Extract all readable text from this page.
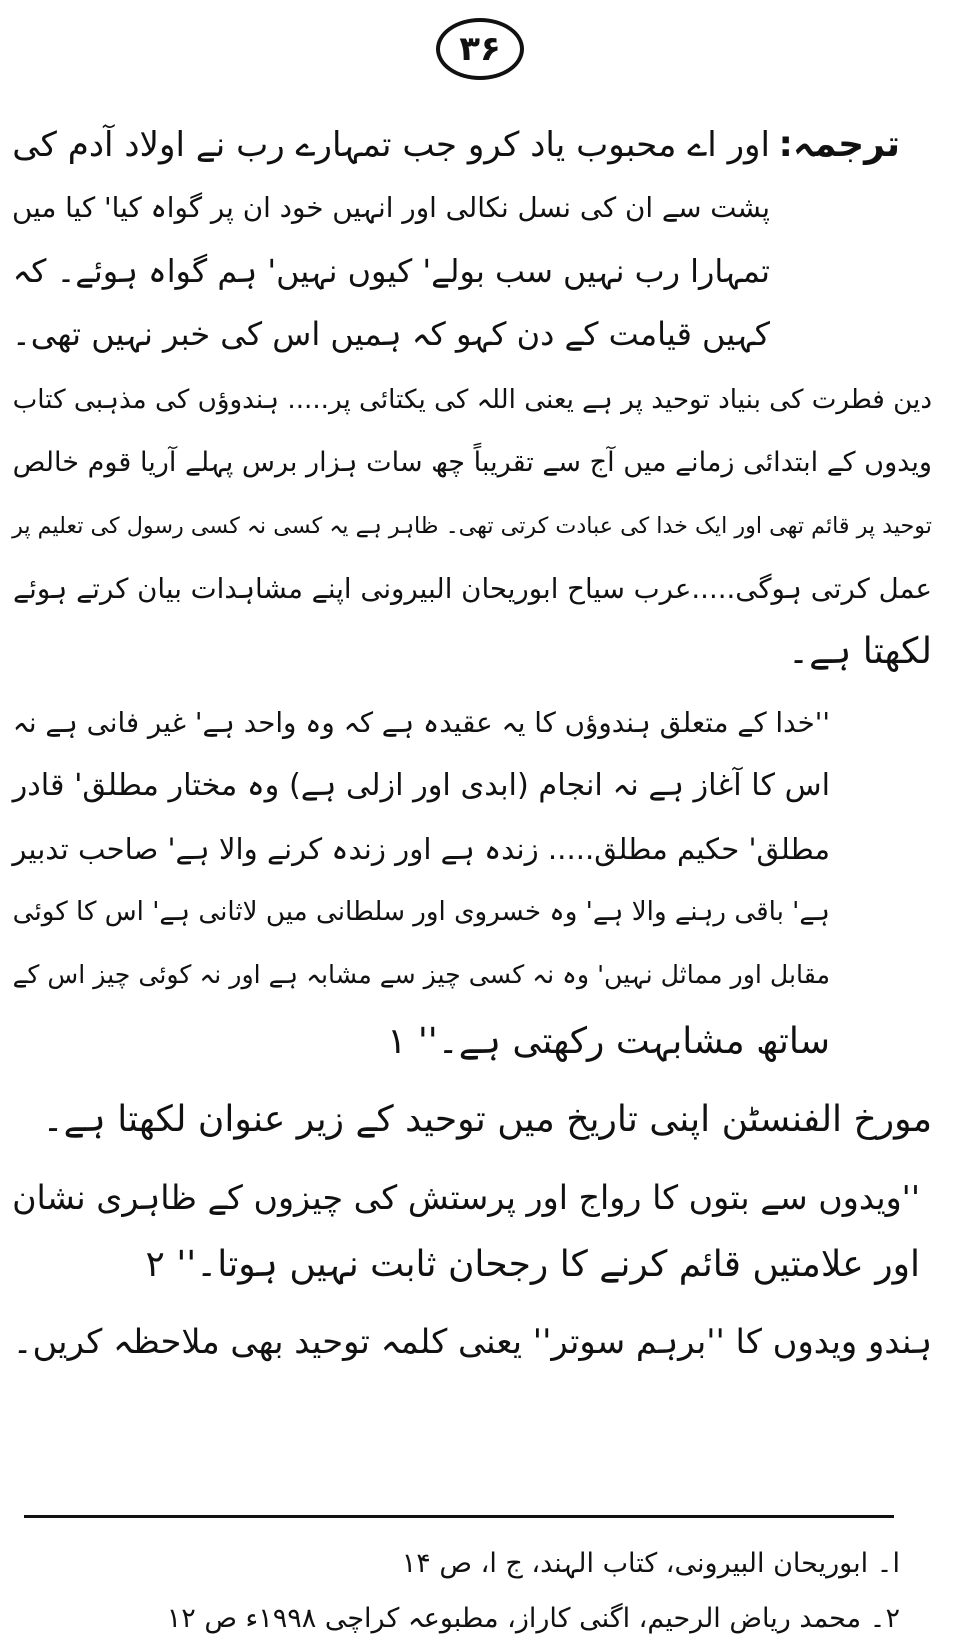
۳۶
ترجمہ:
اور اے محبوب یاد کرو جب تمہارے رب نے اولاد آدم کی
پشت سے ان کی نسل نکالی اور انہیں خود ان پر گواہ کیا' کیا میں
تمہارا رب نہیں سب بولے' کیوں نہیں' ہم گواہ ہوئے۔ کہ
کہیں قیامت کے دن کہو کہ ہمیں اس کی خبر نہیں تھی۔
دین فطرت کی بنیاد توحید پر ہے یعنی اللہ کی یکتائی پر..... ہندوؤں کی مذہبی کتاب
ویدوں کے ابتدائی زمانے میں آج سے تقریباً چھ سات ہزار برس پہلے آریا قوم خالص
توحید پر قائم تھی اور ایک خدا کی عبادت کرتی تھی۔ ظاہر ہے یہ کسی نہ کسی رسول کی تعلیم پر
عمل کرتی ہوگی.....عرب سیاح ابوریحان البیرونی اپنے مشاہدات بیان کرتے ہوئے
لکھتا ہے۔
''خدا کے متعلق ہندوؤں کا یہ عقیدہ ہے کہ وہ واحد ہے' غیر فانی ہے نہ
اس کا آغاز ہے نہ انجام (ابدی اور ازلی ہے) وہ مختار مطلق' قادر
مطلق' حکیم مطلق..... زندہ ہے اور زندہ کرنے والا ہے' صاحب تدبیر
ہے' باقی رہنے والا ہے' وہ خسروی اور سلطانی میں لاثانی ہے' اس کا کوئی
مقابل اور مماثل نہیں' وہ نہ کسی چیز سے مشابہ ہے اور نہ کوئی چیز اس کے
ساتھ مشابہت رکھتی ہے۔'' ۱
مورخ الفنسٹن اپنی تاریخ میں توحید کے زیر عنوان لکھتا ہے۔
''ویدوں سے بتوں کا رواج اور پرستش کی چیزوں کے ظاہری نشان
اور علامتیں قائم کرنے کا رجحان ثابت نہیں ہوتا۔'' ۲
ہندو ویدوں کا ''برہم سوتر'' یعنی کلمہ توحید بھی ملاحظہ کریں۔
ا۔ ابوریحان البیرونی، کتاب الہند، ج ا، ص ۱۴
۲۔ محمد ریاض الرحیم، اگنی کاراز، مطبوعہ کراچی ۱۹۹۸ء ص ۱۲
